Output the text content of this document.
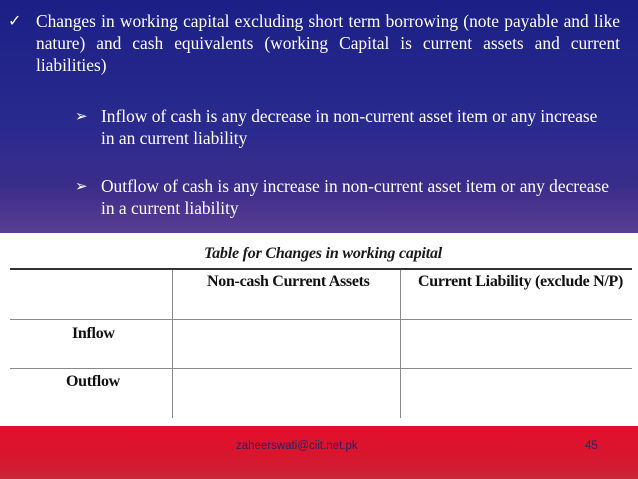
✓ Changes in working capital excluding short term borrowing (note payable and like nature) and cash equivalents (working Capital is current assets and current liabilities)
➢ Inflow of cash is any decrease in non-current asset item or any increase in an current liability
➢ Outflow of cash is any increase in non-current asset item or any decrease in a current liability
Table for Changes in working capital
Non-cash Current Assets	Current Liability (exclude N/P)
Inflow
Outflow
zaheerswati@ciit.net.pk	45
